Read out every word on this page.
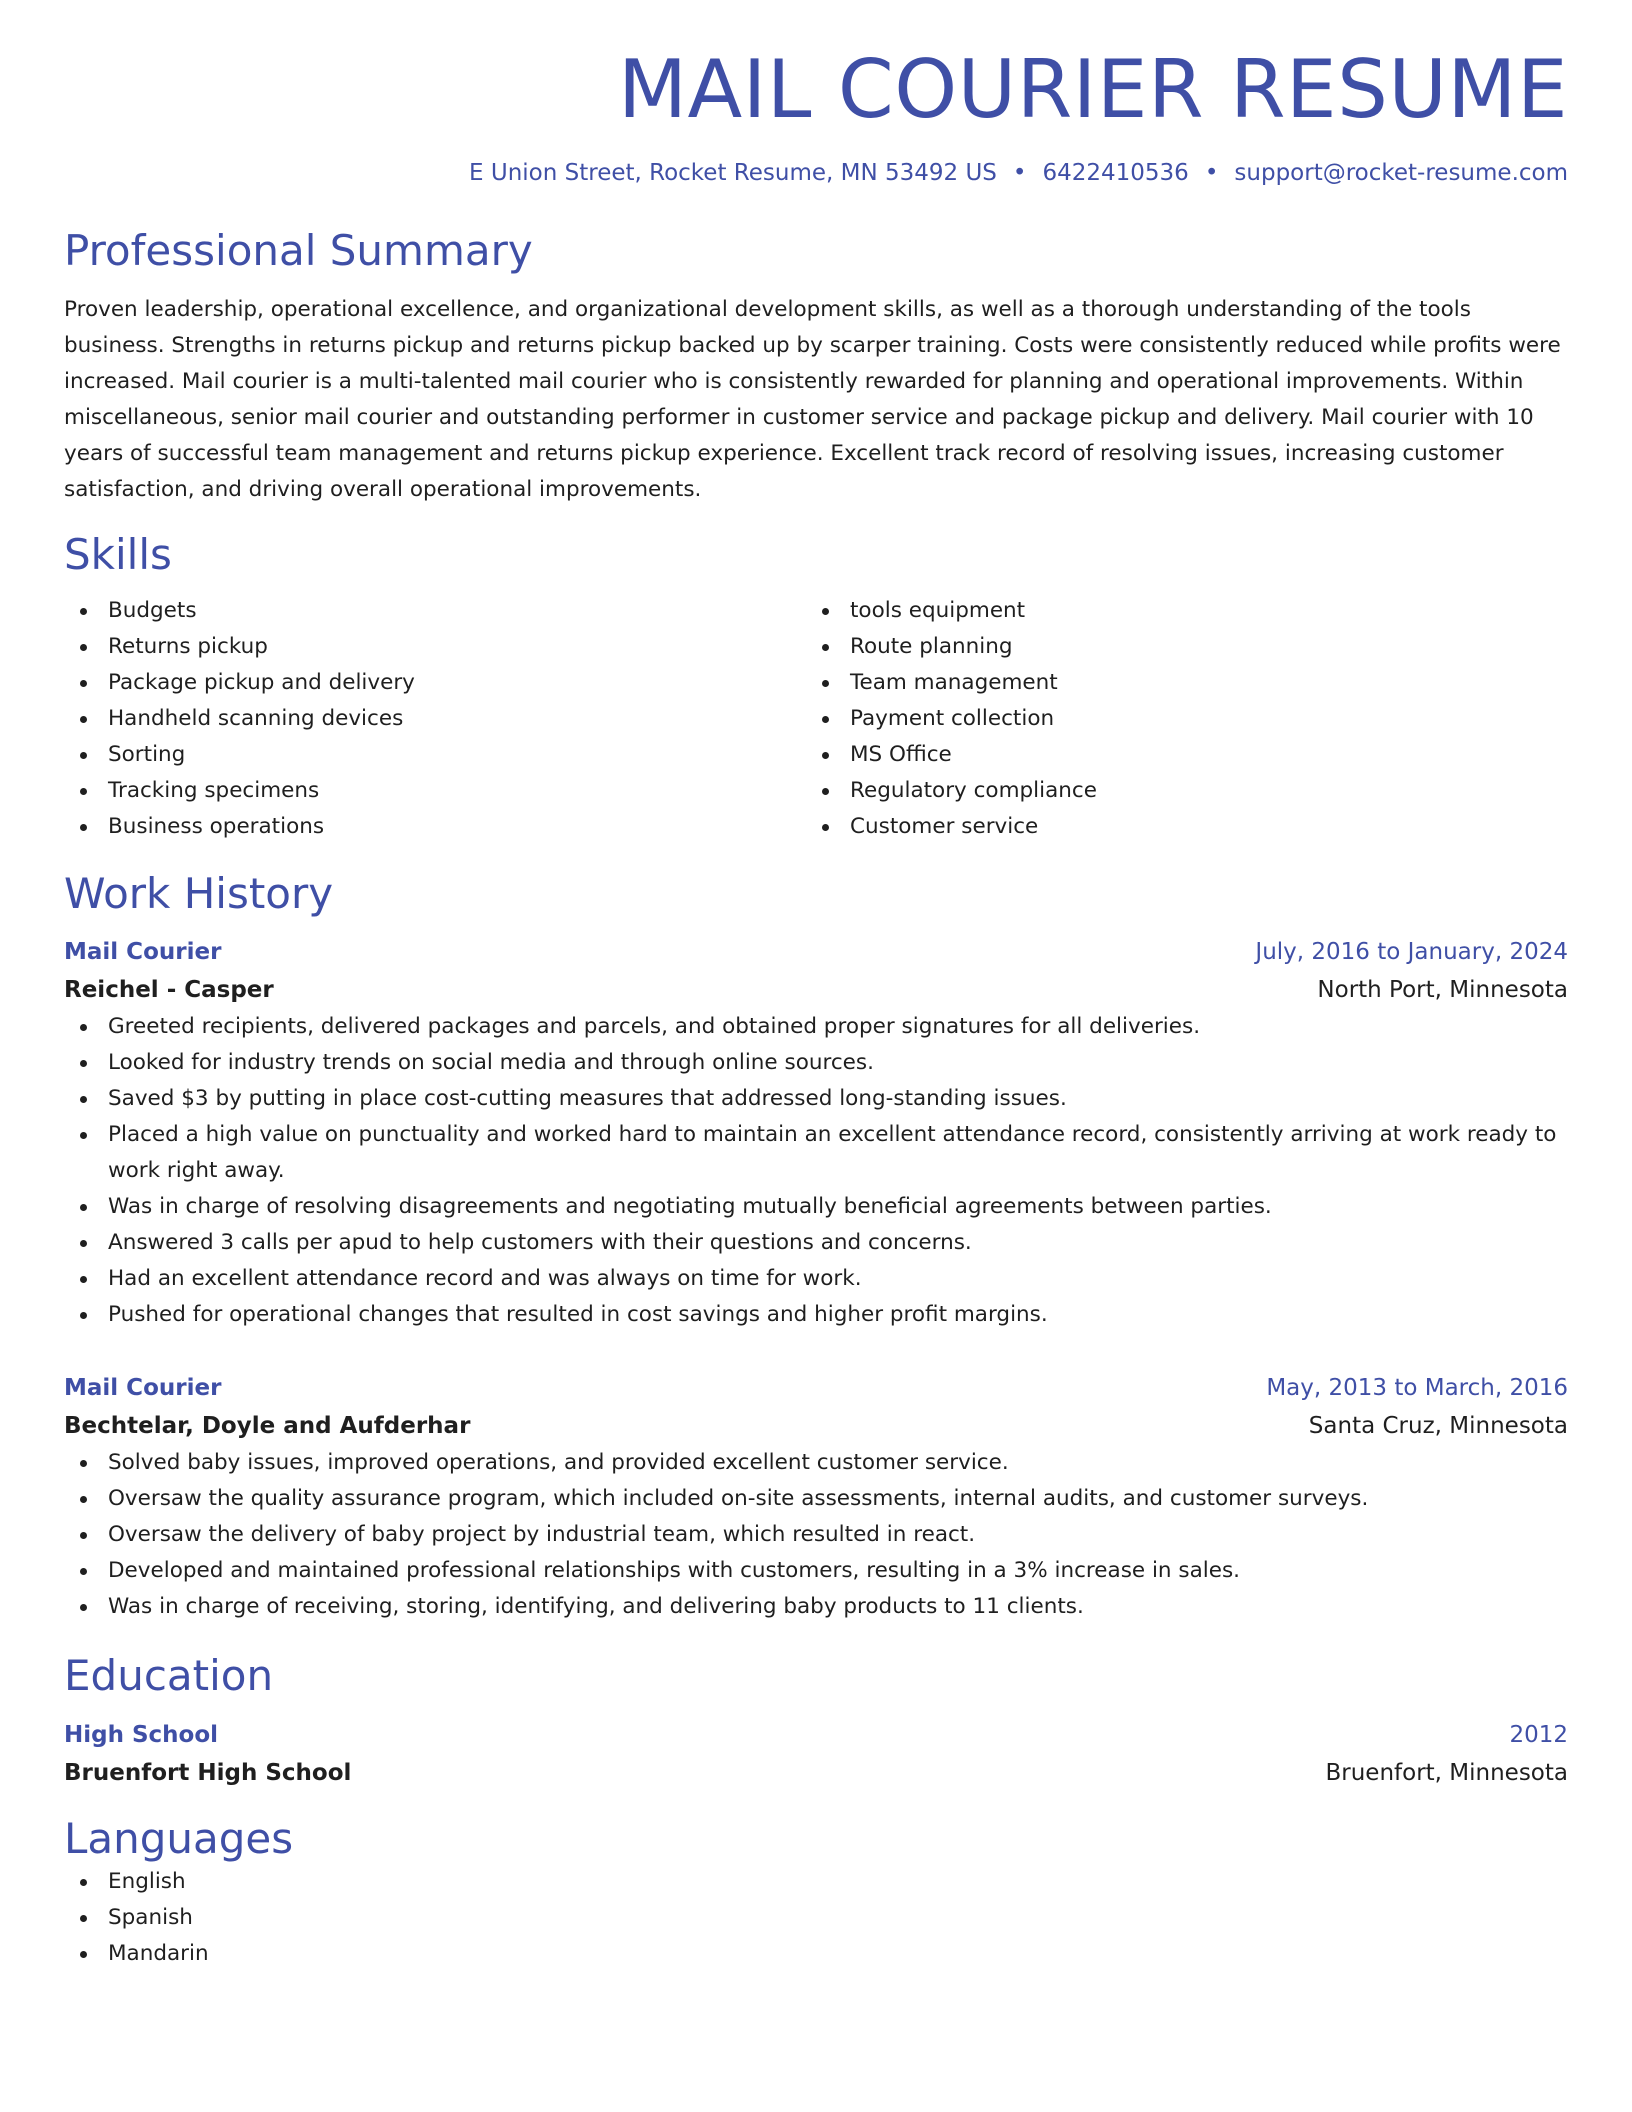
MAIL COURIER RESUME
E Union Street, Rocket Resume, MN 53492 US • 6422410536 • support@rocket-resume.com
Professional Summary

Proven leadership, operational excellence, and organizational development skills, as well as a thorough understanding of the tools business. Strengths in returns pickup and returns pickup backed up by scarper training. Costs were consistently reduced while profits were increased. Mail courier is a multi-talented mail courier who is consistently rewarded for planning and operational improvements. Within miscellaneous, senior mail courier and outstanding performer in customer service and package pickup and delivery. Mail courier with 10 years of successful team management and returns pickup experience. Excellent track record of resolving issues, increasing customer satisfaction, and driving overall operational improvements.

Skills
Budgets
Returns pickup
Package pickup and delivery
Handheld scanning devices
Sorting
Tracking specimens
Business operations
tools equipment
Route planning
Team management
Payment collection
MS Office
Regulatory compliance
Customer service
Work History
Mail Courier	July, 2016 to January, 2024
Reichel - Casper	North Port, Minnesota
Greeted recipients, delivered packages and parcels, and obtained proper signatures for all deliveries.
Looked for industry trends on social media and through online sources.
Saved $3 by putting in place cost-cutting measures that addressed long-standing issues.
Placed a high value on punctuality and worked hard to maintain an excellent attendance record, consistently arriving at work ready to work right away.
Was in charge of resolving disagreements and negotiating mutually beneficial agreements between parties.
Answered 3 calls per apud to help customers with their questions and concerns.
Had an excellent attendance record and was always on time for work.
Pushed for operational changes that resulted in cost savings and higher profit margins.
Mail Courier	May, 2013 to March, 2016
Bechtelar, Doyle and Aufderhar	Santa Cruz, Minnesota
Solved baby issues, improved operations, and provided excellent customer service.
Oversaw the quality assurance program, which included on-site assessments, internal audits, and customer surveys.
Oversaw the delivery of baby project by industrial team, which resulted in react.
Developed and maintained professional relationships with customers, resulting in a 3% increase in sales.
Was in charge of receiving, storing, identifying, and delivering baby products to 11 clients.
Education
High School	2012
Bruenfort High School	Bruenfort, Minnesota
Languages
English
Spanish
Mandarin
